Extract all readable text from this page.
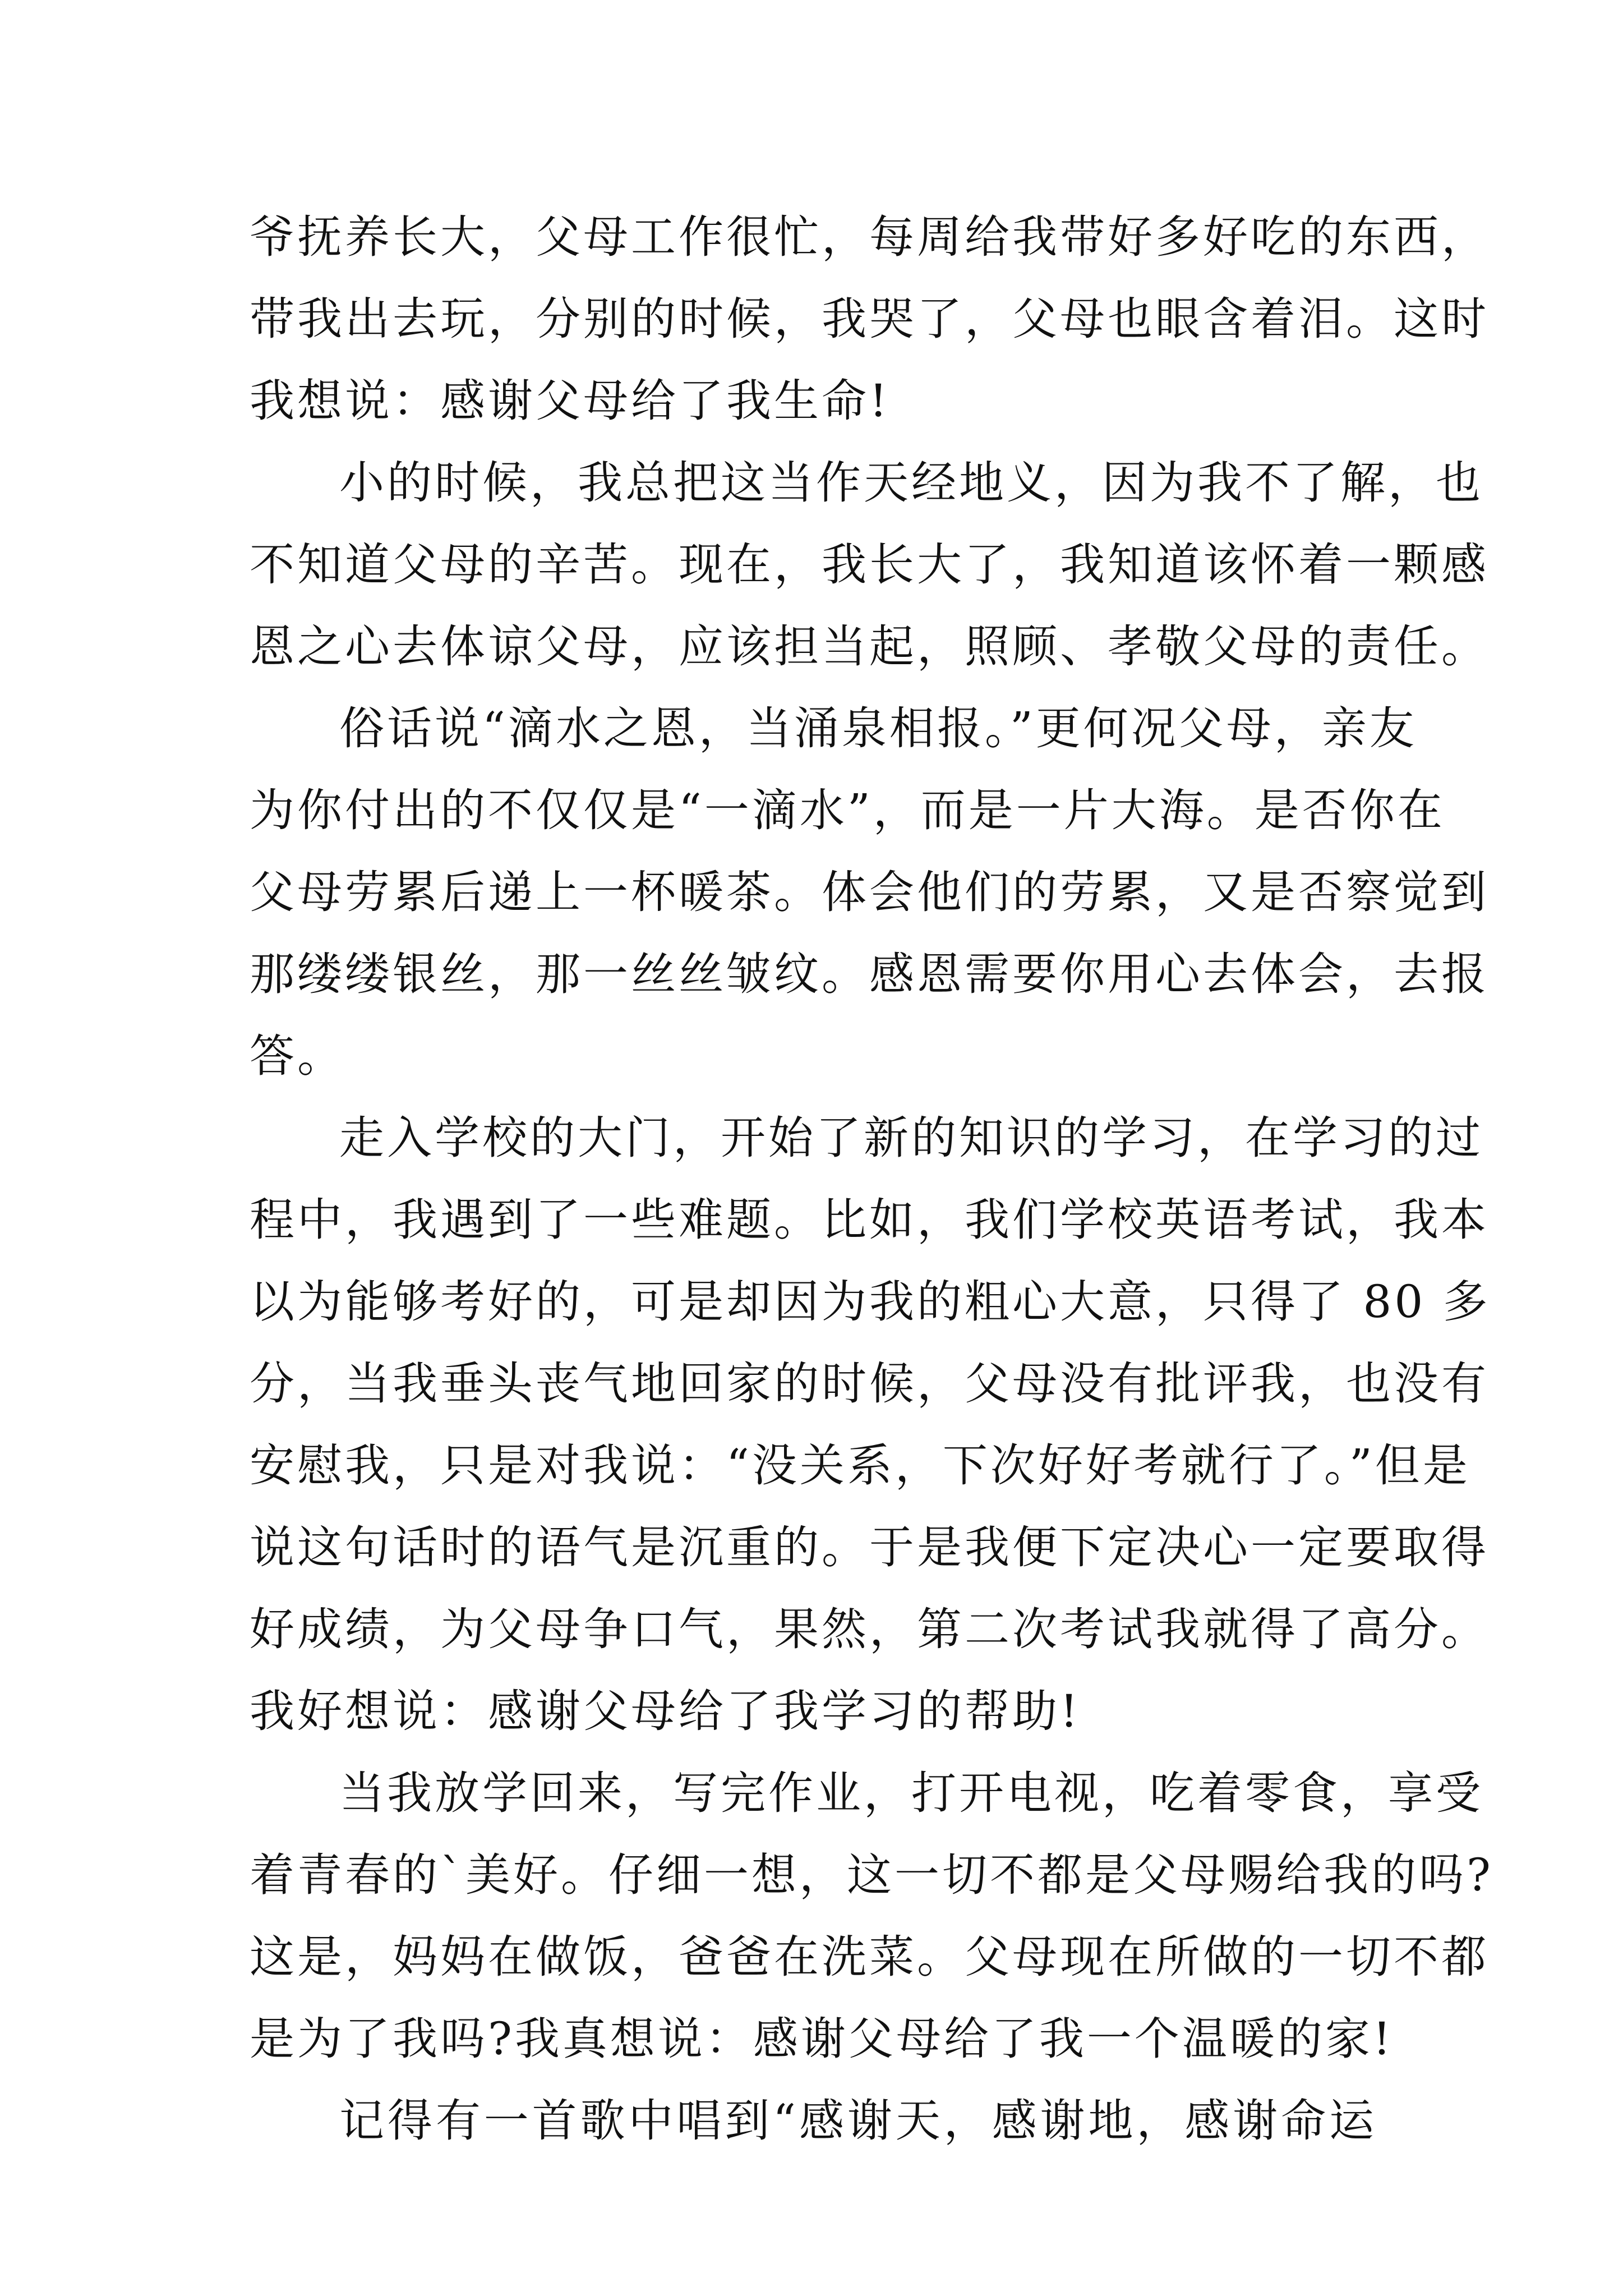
爷抚养长大，父母工作很忙，每周给我带好多好吃的东西，
带我出去玩，分别的时候，我哭了，父母也眼含着泪。这时
我想说：感谢父母给了我生命!
小的时候，我总把这当作天经地义，因为我不了解，也
不知道父母的辛苦。现在，我长大了，我知道该怀着一颗感
恩之心去体谅父母，应该担当起，照顾、孝敬父母的责任。
俗话说“滴水之恩，当涌泉相报。”更何况父母，亲友
为你付出的不仅仅是“一滴水”，而是一片大海。是否你在
父母劳累后递上一杯暖茶。体会他们的劳累，又是否察觉到
那缕缕银丝，那一丝丝皱纹。感恩需要你用心去体会，去报
答。
走入学校的大门，开始了新的知识的学习，在学习的过
程中，我遇到了一些难题。比如，我们学校英语考试，我本
以为能够考好的，可是却因为我的粗心大意，只得了 80 多
分，当我垂头丧气地回家的时候，父母没有批评我，也没有
安慰我，只是对我说：“没关系，下次好好考就行了。”但是
说这句话时的语气是沉重的。于是我便下定决心一定要取得
好成绩，为父母争口气，果然，第二次考试我就得了高分。
我好想说：感谢父母给了我学习的帮助!
当我放学回来，写完作业，打开电视，吃着零食，享受
着青春的`美好。仔细一想，这一切不都是父母赐给我的吗?
这是，妈妈在做饭，爸爸在洗菜。父母现在所做的一切不都
是为了我吗?我真想说：感谢父母给了我一个温暖的家!
记得有一首歌中唱到“感谢天，感谢地，感谢命运
